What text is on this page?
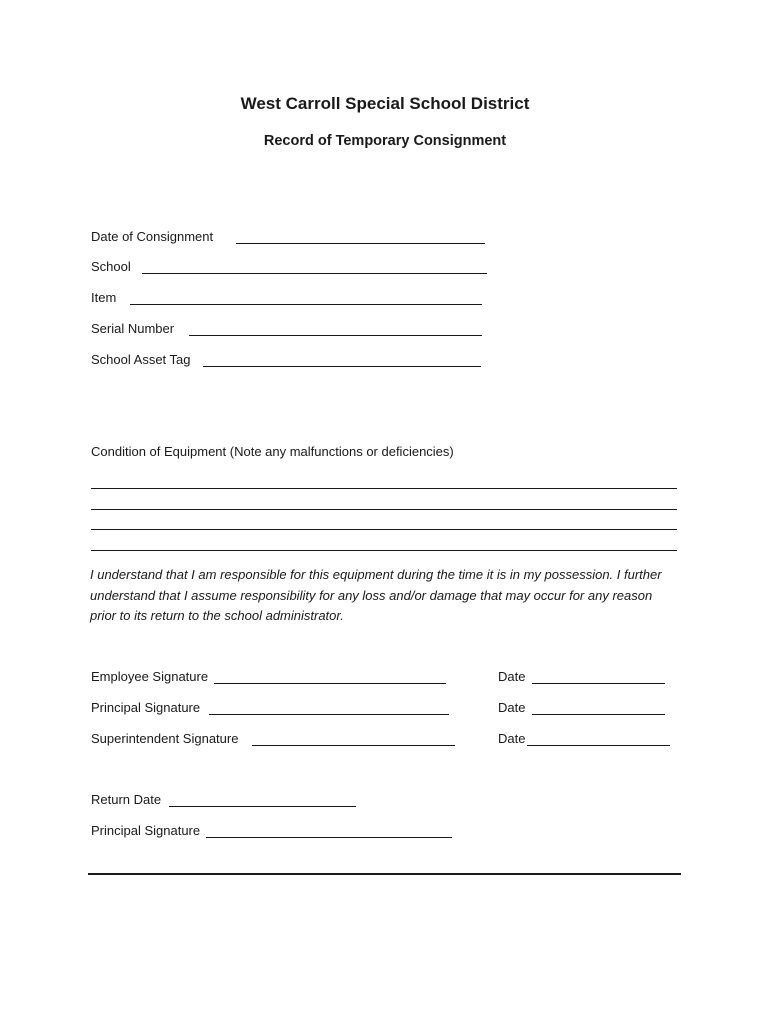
West Carroll Special School District
Record of Temporary Consignment
Date of Consignment
School
Item
Serial Number
School Asset Tag
Condition of Equipment (Note any malfunctions or deficiencies)
I understand that I am responsible for this equipment during the time it is in my possession. I further understand that I assume responsibility for any loss and/or damage that may occur for any reason prior to its return to the school administrator.
Employee Signature	Date
Principal Signature	Date
Superintendent Signature	Date
Return Date
Principal Signature
